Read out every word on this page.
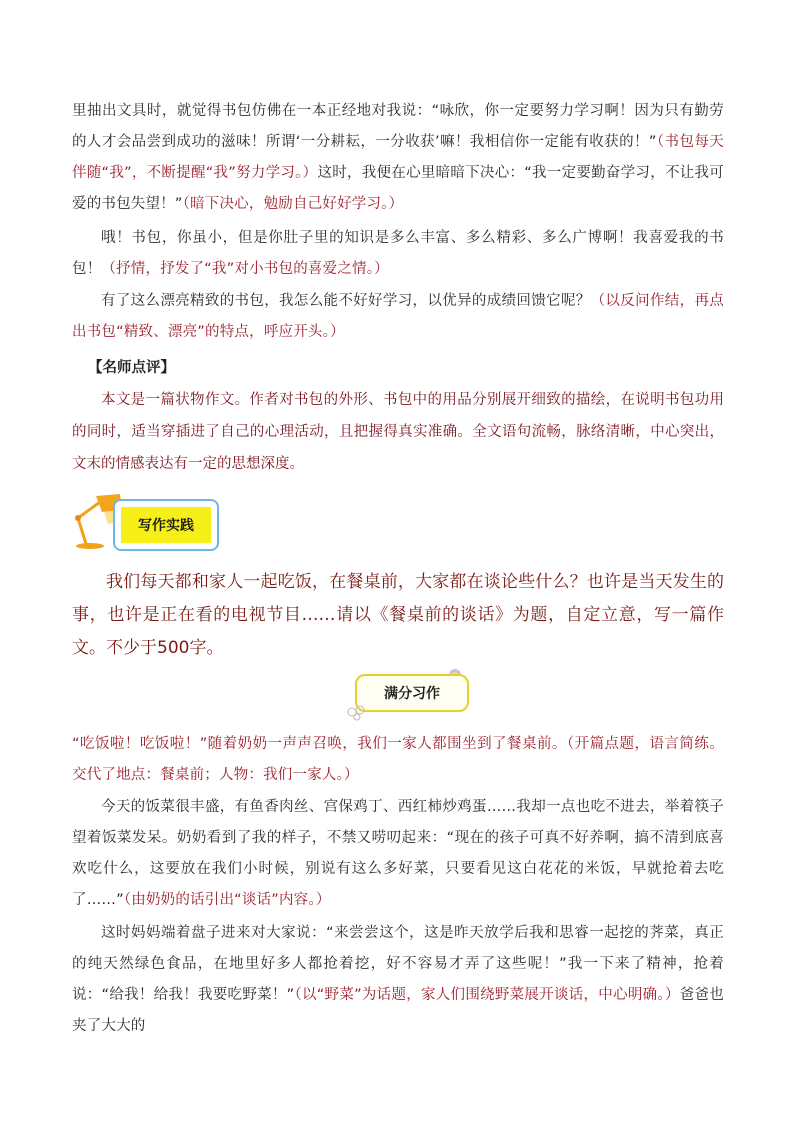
里抽出文具时，就觉得书包仿佛在一本正经地对我说：“咏欣，你一定要努力学习啊！因为只有勤劳的人才会品尝到成功的滋味！所谓‘一分耕耘，一分收获’嘛！我相信你一定能有收获的！”（书包每天伴随“我”，不断提醒“我”努力学习。）这时，我便在心里暗暗下决心：“我一定要勤奋学习，不让我可爱的书包失望！”（暗下决心，勉励自己好好学习。）
哦！书包，你虽小，但是你肚子里的知识是多么丰富、多么精彩、多么广博啊！我喜爱我的书包！（抒情，抒发了“我”对小书包的喜爱之情。）
有了这么漂亮精致的书包，我怎么能不好好学习，以优异的成绩回馈它呢？（以反问作结，再点出书包“精致、漂亮”的特点，呼应开头。）
【名师点评】
本文是一篇状物作文。作者对书包的外形、书包中的用品分别展开细致的描绘，在说明书包功用的同时，适当穿插进了自己的心理活动，且把握得真实准确。全文语句流畅，脉络清晰，中心突出，文末的情感表达有一定的思想深度。
写作实践
我们每天都和家人一起吃饭，在餐桌前，大家都在谈论些什么？也许是当天发生的事，也许是正在看的电视节目……请以《餐桌前的谈话》为题，自定立意，写一篇作文。不少于500字。
满分习作
“吃饭啦！吃饭啦！”随着奶奶一声声召唤，我们一家人都围坐到了餐桌前。（开篇点题，语言简练。交代了地点：餐桌前；人物：我们一家人。）
今天的饭菜很丰盛，有鱼香肉丝、宫保鸡丁、西红柿炒鸡蛋……我却一点也吃不进去，举着筷子望着饭菜发呆。奶奶看到了我的样子，不禁又唠叨起来：“现在的孩子可真不好养啊，搞不清到底喜欢吃什么，这要放在我们小时候，别说有这么多好菜，只要看见这白花花的米饭，早就抢着去吃了……”（由奶奶的话引出“谈话”内容。）
这时妈妈端着盘子进来对大家说：“来尝尝这个，这是昨天放学后我和思睿一起挖的荠菜，真正的纯天然绿色食品，在地里好多人都抢着挖，好不容易才弄了这些呢！”我一下来了精神，抢着说：“给我！给我！我要吃野菜！”（以“野菜”为话题，家人们围绕野菜展开谈话，中心明确。）爸爸也夹了大大的
